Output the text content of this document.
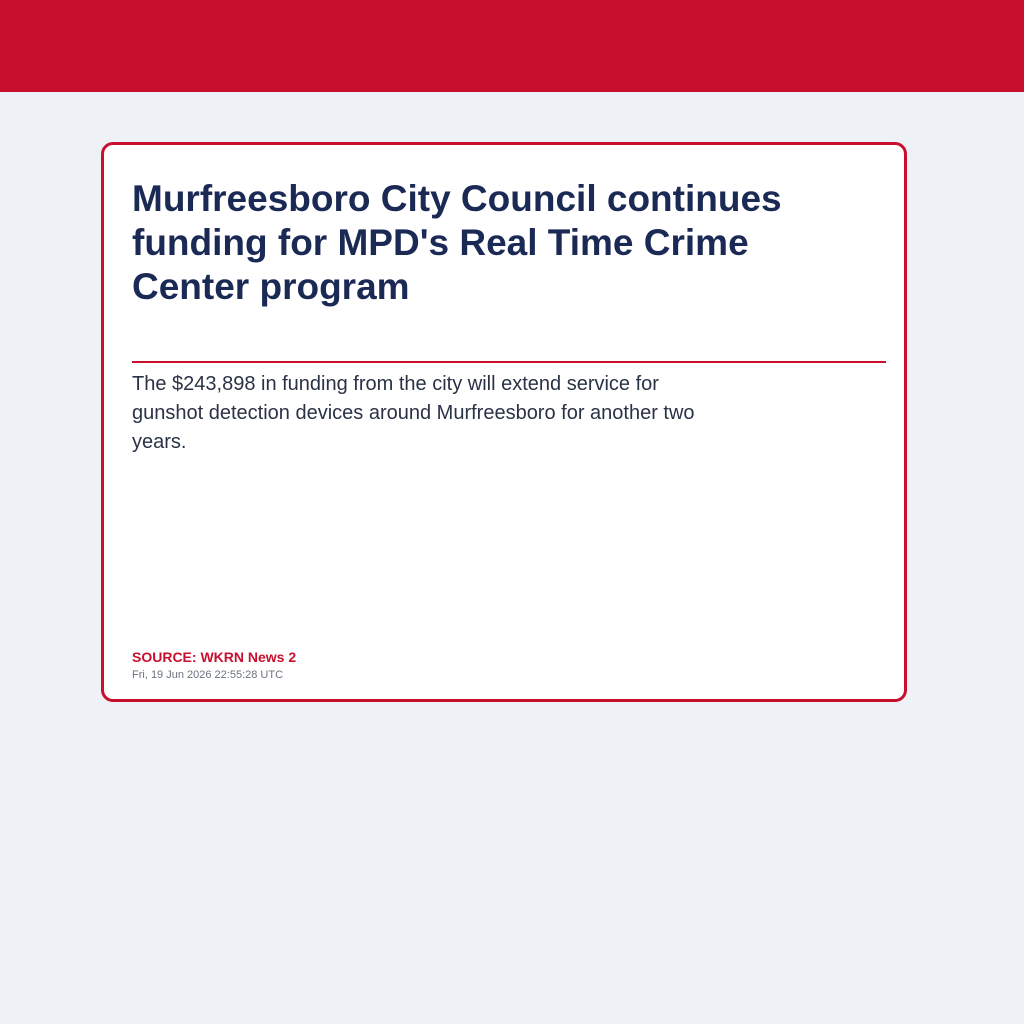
Murfreesboro City Council continues funding for MPD's Real Time Crime Center program

The $243,898 in funding from the city will extend service for gunshot detection devices around Murfreesboro for another two years.

SOURCE: WKRN News 2
Fri, 19 Jun 2026 22:55:28 UTC
